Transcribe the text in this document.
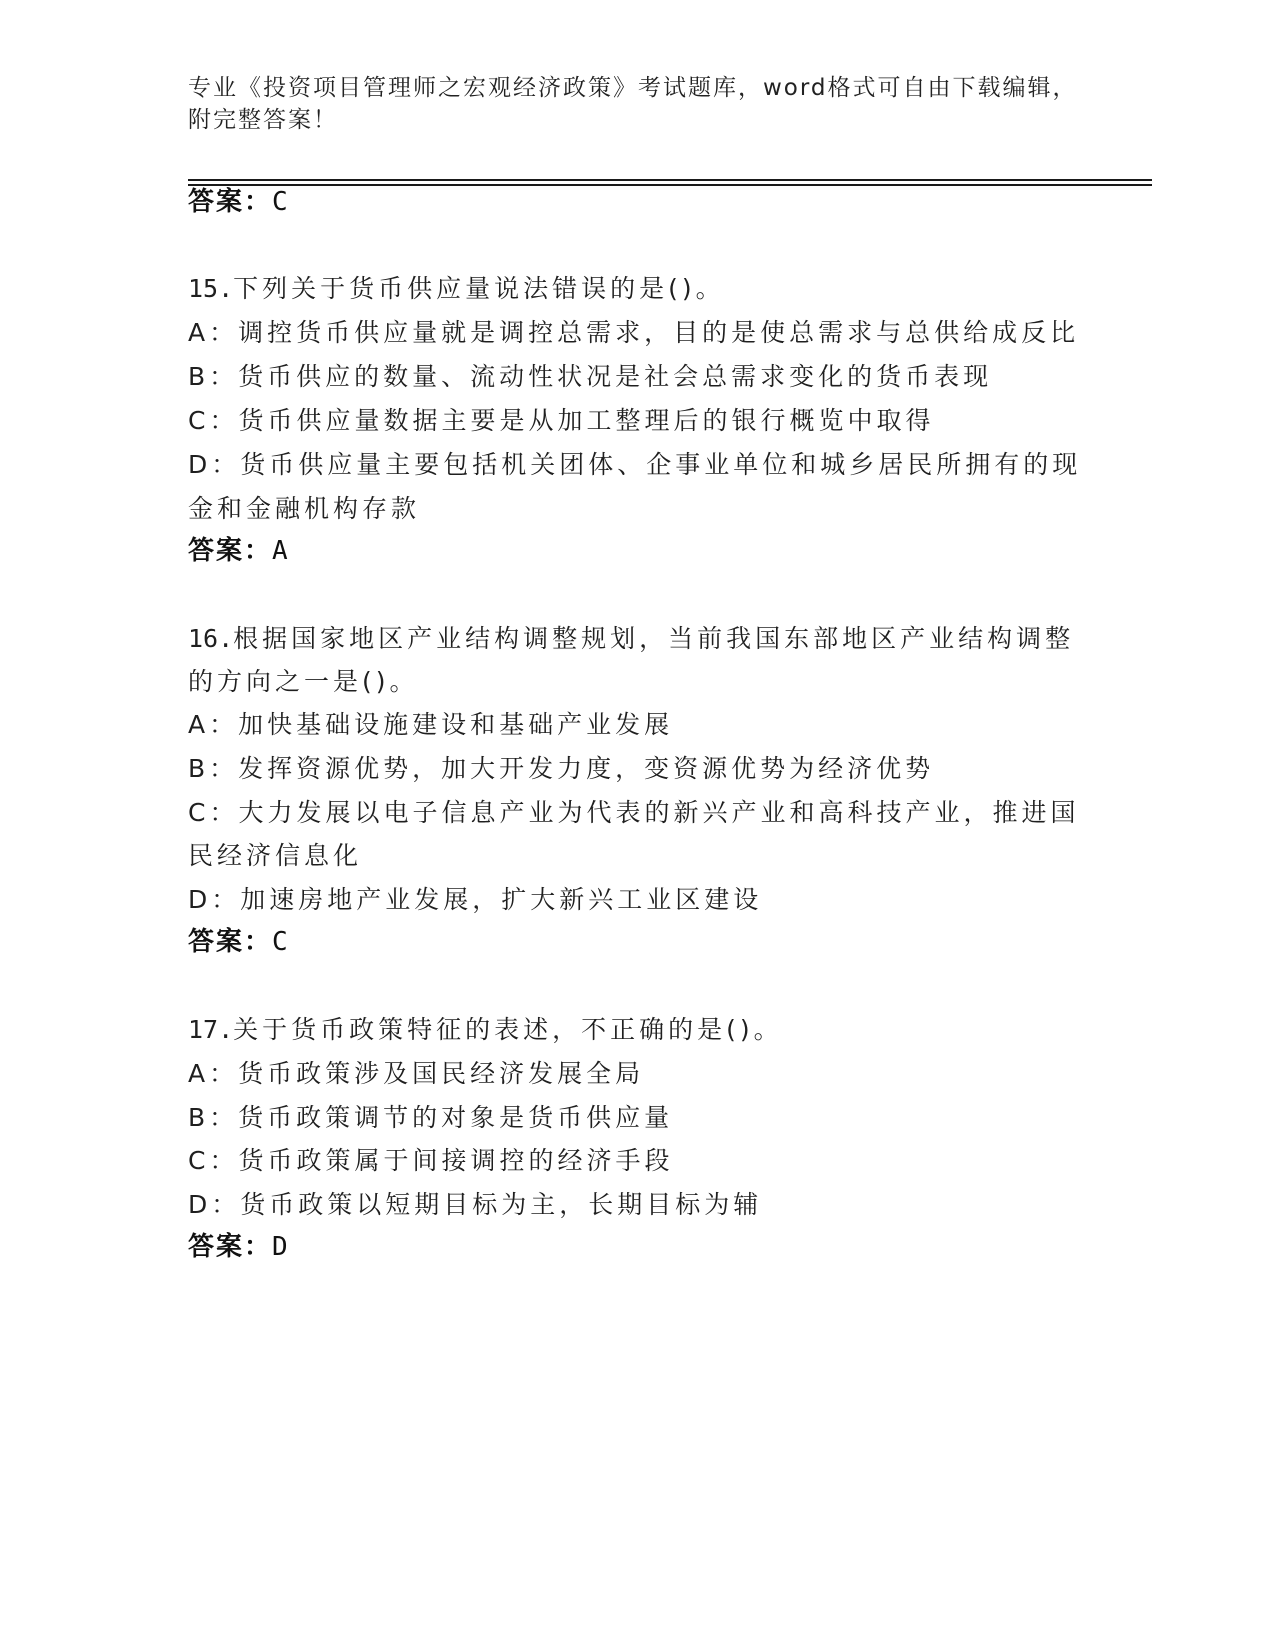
专业《投资项目管理师之宏观经济政策》考试题库，word格式可自由下载编辑，
附完整答案！
答案：C
15.下列关于货币供应量说法错误的是()。
A：调控货币供应量就是调控总需求，目的是使总需求与总供给成反比
B：货币供应的数量、流动性状况是社会总需求变化的货币表现
C：货币供应量数据主要是从加工整理后的银行概览中取得
D：货币供应量主要包括机关团体、企事业单位和城乡居民所拥有的现
金和金融机构存款
答案：A
16.根据国家地区产业结构调整规划，当前我国东部地区产业结构调整
的方向之一是()。
A：加快基础设施建设和基础产业发展
B：发挥资源优势，加大开发力度，变资源优势为经济优势
C：大力发展以电子信息产业为代表的新兴产业和高科技产业，推进国
民经济信息化
D：加速房地产业发展，扩大新兴工业区建设
答案：C
17.关于货币政策特征的表述，不正确的是()。
A：货币政策涉及国民经济发展全局
B：货币政策调节的对象是货币供应量
C：货币政策属于间接调控的经济手段
D：货币政策以短期目标为主，长期目标为辅
答案：D
